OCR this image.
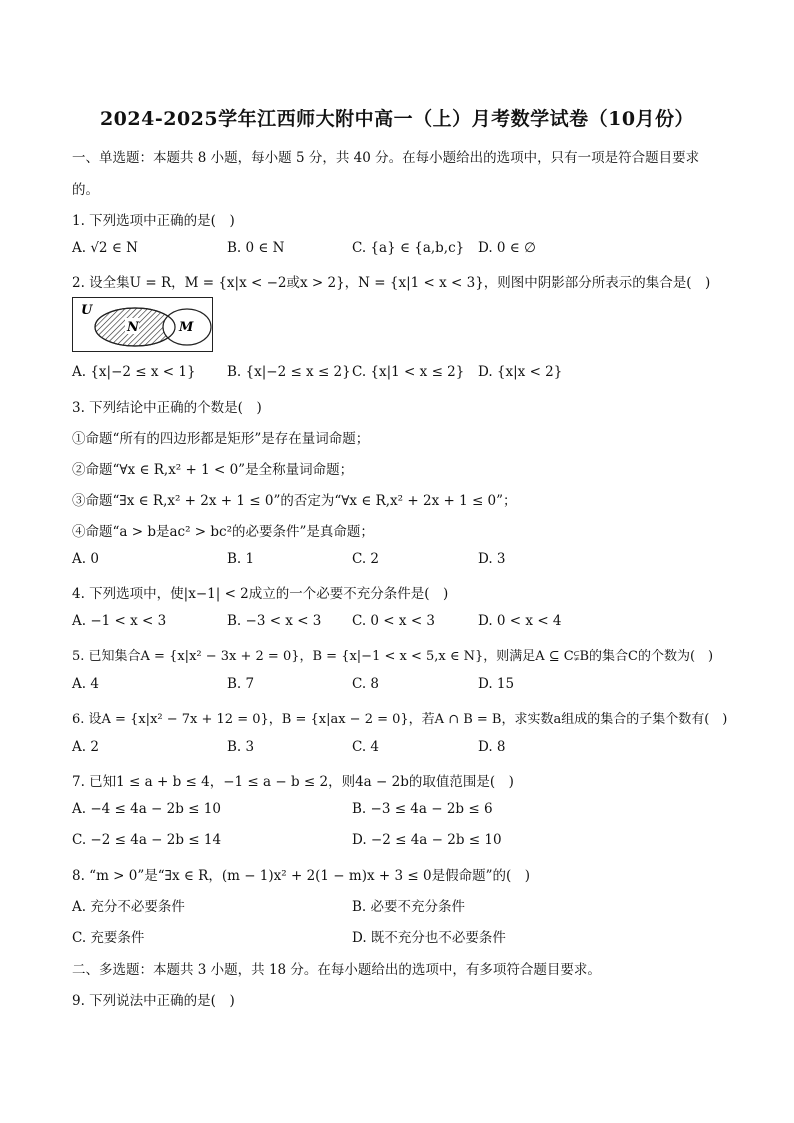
2024-2025学年江西师大附中高一（上）月考数学试卷（10月份）
一、单选题：本题共 8 小题，每小题 5 分，共 40 分。在每小题给出的选项中，只有一项是符合题目要求
的。
1. 下列选项中正确的是(　)
A. √2 ∈ N	B. 0 ∈ N	C. {a} ∈ {a,b,c} D. 0 ∈ ∅
2. 设全集U = R，M = {x|x < −2或x > 2}，N = {x|1 < x < 3}，则图中阴影部分所表示的集合是(　)
U
N	M
A. {x|−2 ≤ x < 1} B. {x|−2 ≤ x ≤ 2} C. {x|1 < x ≤ 2} D. {x|x < 2}
3. 下列结论中正确的个数是(　)
①命题“所有的四边形都是矩形”是存在量词命题；
②命题“∀x ∈ R,x² + 1 < 0”是全称量词命题；
③命题“∃x ∈ R,x² + 2x + 1 ≤ 0”的否定为“∀x ∈ R,x² + 2x + 1 ≤ 0”；
④命题“a > b是ac² > bc²的必要条件”是真命题；
A. 0	B. 1	C. 2	D. 3
4. 下列选项中，使|x−1| < 2成立的一个必要不充分条件是(　)
A. −1 < x < 3	B. −3 < x < 3 C. 0 < x < 3	D. 0 < x < 4
5. 已知集合A = {x|x² − 3x + 2 = 0}，B = {x|−1 < x < 5,x ∈ N}，则满足A ⊆ C⫋B的集合C的个数为(　)
A. 4	B. 7	C. 8	D. 15
6. 设A = {x|x² − 7x + 12 = 0}，B = {x|ax − 2 = 0}，若A ∩ B = B，求实数a组成的集合的子集个数有(　)
A. 2	B. 3	C. 4	D. 8
7. 已知1 ≤ a + b ≤ 4，−1 ≤ a − b ≤ 2，则4a − 2b的取值范围是(　)
A. −4 ≤ 4a − 2b ≤ 10	B. −3 ≤ 4a − 2b ≤ 6
C. −2 ≤ 4a − 2b ≤ 14	D. −2 ≤ 4a − 2b ≤ 10
8. “m > 0”是“∃x ∈ R，(m − 1)x² + 2(1 − m)x + 3 ≤ 0是假命题”的(　)
A. 充分不必要条件	B. 必要不充分条件
C. 充要条件	D. 既不充分也不必要条件
二、多选题：本题共 3 小题，共 18 分。在每小题给出的选项中，有多项符合题目要求。
9. 下列说法中正确的是(　)
